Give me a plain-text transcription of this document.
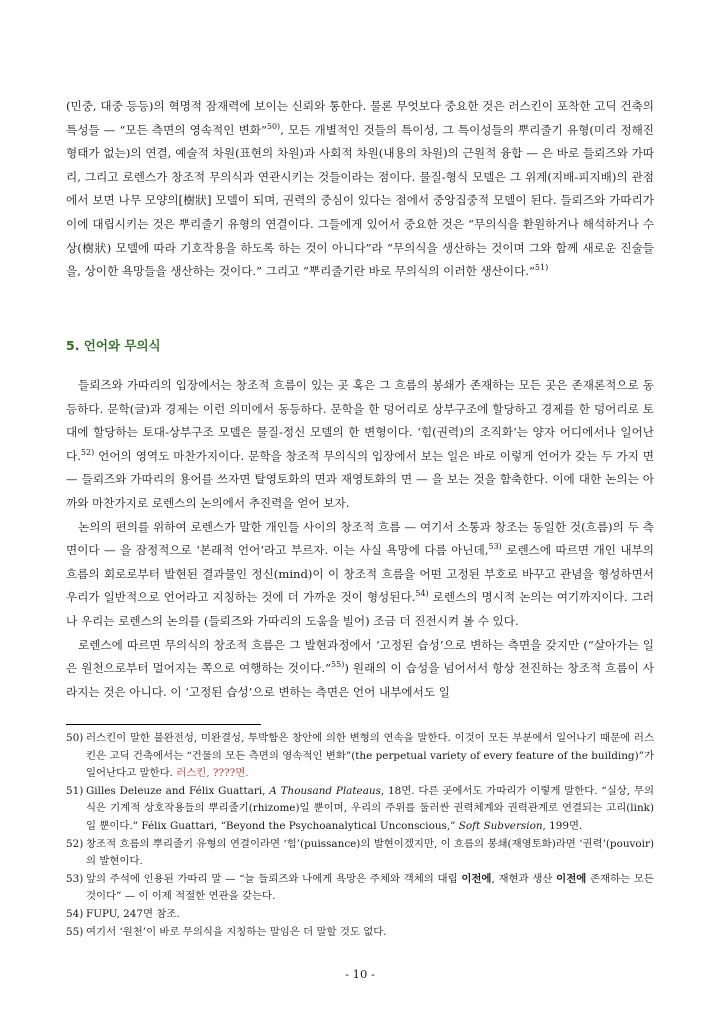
(민중, 대중 등등)의 혁명적 잠재력에 보이는 신뢰와 통한다. 물론 무엇보다 중요한 것은 러스킨이 포착한 고딕 건축의 특성들 — “모든 측면의 영속적인 변화”$^{50)}$, 모든 개별적인 것들의 특이성, 그 특이성들의 뿌리줄기 유형(미리 정해진 형태가 없는)의 연결, 예술적 차원(표현의 차원)과 사회적 차원(내용의 차원)의 근원적 융합 — 은 바로 들뢰즈와 가따리, 그리고 로렌스가 창조적 무의식과 연관시키는 것들이라는 점이다. 물질-형식 모델은 그 위계(지배-피지배)의 관점에서 보면 나무 모양의[樹狀] 모델이 되며, 권력의 중심이 있다는 점에서 중앙집중적 모델이 된다. 들뢰즈와 가따리가 이에 대립시키는 것은 뿌리줄기 유형의 연결이다. 그들에게 있어서 중요한 것은 “무의식을 환원하거나 해석하거나 수상(樹狀) 모델에 따라 기호작용을 하도록 하는 것이 아니다”라 “무의식을 생산하는 것이며 그와 함께 새로운 진술들을, 상이한 욕망들을 생산하는 것이다.” 그리고 “뿌리줄기란 바로 무의식의 이러한 생산이다.”$^{51)}$

5. 언어와 무의식

들뢰즈와 가따리의 입장에서는 창조적 흐름이 있는 곳 혹은 그 흐름의 봉쇄가 존재하는 모든 곳은 존재론적으로 동등하다. 문학(글)과 경제는 이런 의미에서 동등하다. 문학을 한 덩어리로 상부구조에 할당하고 경제를 한 덩어리로 토대에 할당하는 토대-상부구조 모델은 물질-정신 모델의 한 변형이다. ‘힘(권력)의 조직화’는 양자 어디에서나 일어난다.$^{52)}$ 언어의 영역도 마찬가지이다. 문학을 창조적 무의식의 입장에서 보는 일은 바로 이렇게 언어가 갖는 두 가지 면 — 들뢰즈와 가따리의 용어를 쓰자면 탈영토화의 면과 재영토화의 면 — 을 보는 것을 함축한다. 이에 대한 논의는 아까와 마찬가지로 로렌스의 논의에서 추진력을 얻어 보자.

논의의 편의를 위하여 로렌스가 말한 개인들 사이의 창조적 흐름 — 여기서 소통과 창조는 동일한 것(흐름)의 두 측면이다 — 을 잠정적으로 ‘본래적 언어’라고 부르자. 이는 사실 욕망에 다름 아닌데,$^{53)}$ 로렌스에 따르면 개인 내부의 흐름의 회로로부터 발현된 결과물인 정신(mind)이 이 창조적 흐름을 어떤 고정된 부호로 바꾸고 관념을 형성하면서 우리가 일반적으로 언어라고 지칭하는 것에 더 가까운 것이 형성된다.$^{54)}$ 로렌스의 명시적 논의는 여기까지이다. 그러나 우리는 로렌스의 논의를 (들뢰즈와 가따리의 도움을 빌어) 조금 더 진전시켜 볼 수 있다.

로렌스에 따르면 무의식의 창조적 흐름은 그 발현과정에서 ‘고정된 습성’으로 변하는 측면을 갖지만 (“살아가는 일은 원천으로부터 멀어지는 쪽으로 여행하는 것이다.”$^{55)}$) 원래의 이 습성을 넘어서서 항상 전진하는 창조적 흐름이 사라지는 것은 아니다. 이 ‘고정된 습성’으로 변하는 측면은 언어 내부에서도 일

50) 러스킨이 말한 불완전성, 미완결성, 투박함은 창안에 의한 변형의 연속을 말한다. 이것이 모든 부분에서 일어나기 때문에 러스킨은 고딕 건축에서는 “건물의 모든 측면의 영속적인 변화”(the perpetual variety of every feature of the building)”가 일어난다고 말한다. 러스킨, ????면.

51) Gilles Deleuze and Félix Guattari, A Thousand Plateaus, 18면. 다른 곳에서도 가따리가 이렇게 말한다. “실상, 무의식은 기계적 상호작용들의 뿌리줄기(rhizome)일 뿐이며, 우리의 주위를 둘러싼 권력체계와 권력관계로 연결되는 고리(link)일 뿐이다.” Félix Guattari, “Beyond the Psychoanalytical Unconscious,” Soft Subversion, 199면.

52) 창조적 흐름의 뿌리줄기 유형의 연결이라면 ‘힘’(puissance)의 발현이겠지만, 이 흐름의 봉쇄(재영토화)라면 ‘권력’(pouvoir)의 발현이다.

53) 앞의 주석에 인용된 가따리 말 — “늘 들뢰즈와 나에게 욕망은 주체와 객체의 대립 이전에, 재현과 생산 이전에 존재하는 모든 것이다” — 이 이제 적절한 연관을 갖는다.

54) FUPU, 247면 참조.

55) 여기서 ‘원천’이 바로 무의식을 지칭하는 말임은 더 말할 것도 없다.

- 10 -
